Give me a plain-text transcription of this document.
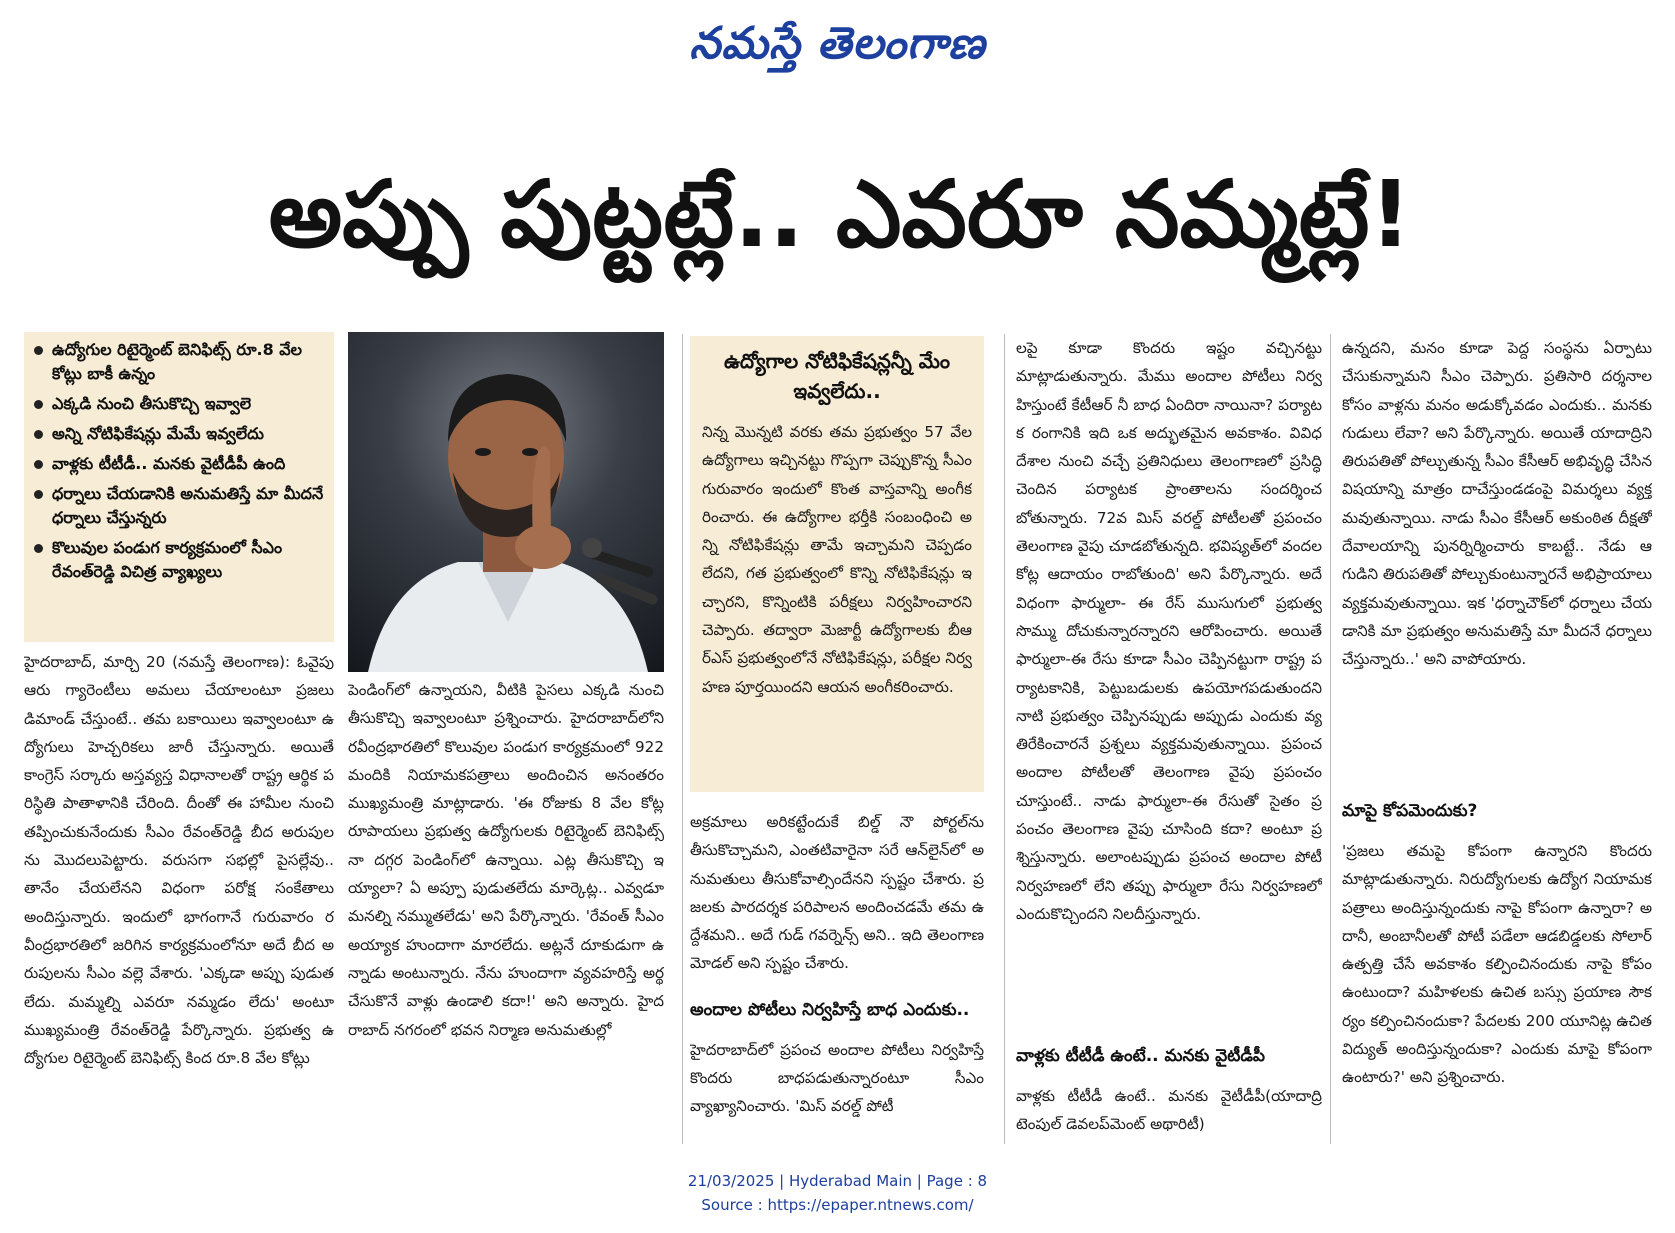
నమస్తే తెలంగాణ
అప్పు పుట్టట్లే.. ఎవరూ నమ్మట్లే!
ఉద్యోగుల రిటైర్మెంట్ బెనిఫిట్స్ రూ.8 వేల కోట్లు బాకీ ఉన్నం
ఎక్కడి నుంచి తీసుకొచ్చి ఇవ్వాలె
అన్ని నోటిఫికేషన్లు మేమే ఇవ్వలేదు
వాళ్లకు టీటీడీ.. మనకు వైటీడీపీ ఉంది
ధర్నాలు చేయడానికి అనుమతిస్తే మా మీదనే ధర్నాలు చేస్తున్నరు
కొలువుల పండుగ కార్యక్రమంలో సీఎం రేవంత్‌రెడ్డి విచిత్ర వ్యాఖ్యలు
హైదరాబాద్, మార్చి 20 (నమస్తే తెలంగాణ): ఓవైపు ఆరు గ్యారెంటీలు అమలు చేయాలంటూ ప్రజలు డిమాండ్ చేస్తుంటే.. తమ బకాయిలు ఇవ్వాలంటూ ఉద్యోగులు హెచ్చరికలు జారీ చేస్తున్నారు. అయితే కాంగ్రెస్ సర్కారు అస్తవ్యస్త విధానాలతో రాష్ట్ర ఆర్థిక పరిస్థితి పాతాళానికి చేరింది. దీంతో ఈ హామీల నుంచి తప్పించుకునేందుకు సీఎం రేవంత్‌రెడ్డి బీద అరుపులను మొదలుపెట్టారు. వరుసగా సభల్లో పైసల్లేవు.. తానేం చేయలేనని విధంగా పరోక్ష సంకేతాలు అందిస్తున్నారు. ఇందులో భాగంగానే గురువారం రవీంద్రభారతిలో జరిగిన కార్యక్రమంలోనూ అదే బీద అరుపులను సీఎం వల్లె వేశారు. 'ఎక్కడా అప్పు పుడుతలేదు. మమ్మల్ని ఎవరూ నమ్మడం లేదు' అంటూ ముఖ్యమంత్రి రేవంత్‌రెడ్డి పేర్కొన్నారు. ప్రభుత్వ ఉద్యోగుల రిటైర్మెంట్ బెనిఫిట్స్ కింద రూ.8 వేల కోట్లు
పెండింగ్‌లో ఉన్నాయని, వీటికి పైసలు ఎక్కడి నుంచి తీసుకొచ్చి ఇవ్వాలంటూ ప్రశ్నించారు. హైదరాబాద్‌లోని రవీంద్రభారతిలో కొలువుల పండుగ కార్యక్రమంలో 922 మందికి నియామకపత్రాలు అందించిన అనంతరం ముఖ్యమంత్రి మాట్లాడారు. 'ఈ రోజుకు 8 వేల కోట్ల రూపాయలు ప్రభుత్వ ఉద్యోగులకు రిటైర్మెంట్ బెనిఫిట్స్ నా దగ్గర పెండింగ్‌లో ఉన్నాయి. ఎట్ల తీసుకొచ్చి ఇయ్యాలా? ఏ అప్పూ పుడుతలేదు మార్కెట్ల.. ఎవ్వడూ మనల్ని నమ్ముతలేడు' అని పేర్కొన్నారు. 'రేవంత్ సీఎం అయ్యాక హుందాగా మారలేదు. అట్లనే దూకుడుగా ఉన్నాడు అంటున్నారు. నేను హుందాగా వ్యవహరిస్తే అర్థ చేసుకొనే వాళ్లు ఉండాలి కదా!' అని అన్నారు. హైదరాబాద్ నగరంలో భవన నిర్మాణ అనుమతుల్లో
ఉద్యోగాల నోటిఫికేషన్లన్నీ మేం ఇవ్వలేదు..
నిన్న మొన్నటి వరకు తమ ప్రభుత్వం 57 వేల ఉద్యోగాలు ఇచ్చినట్టు గొప్పగా చెప్పుకొన్న సీఎం గురువారం ఇందులో కొంత వాస్తవాన్ని అంగీకరించారు. ఈ ఉద్యోగాల భర్తీకి సంబంధించి అన్ని నోటిఫికేషన్లు తామే ఇచ్చామని చెప్పడం లేదని, గత ప్రభుత్వంలో కొన్ని నోటిఫికేషన్లు ఇచ్చారని, కొన్నింటికి పరీక్షలు నిర్వహించారని చెప్పారు. తద్వారా మెజార్టీ ఉద్యోగాలకు బీఆర్‌ఎస్ ప్రభుత్వంలోనే నోటిఫికేషన్లు, పరీక్షల నిర్వహణ పూర్తయిందని ఆయన అంగీకరించారు.
అక్రమాలు అరికట్టేందుకే బిల్డ్ నౌ పోర్టల్‌ను తీసుకొచ్చామని, ఎంతటివారైనా సరే ఆన్‌లైన్‌లో అనుమతులు తీసుకోవాల్సిందేనని స్పష్టం చేశారు. ప్రజలకు పారదర్శక పరిపాలన అందించడమే తమ ఉద్దేశమని.. అదే గుడ్ గవర్నెన్స్ అని.. ఇది తెలంగాణ మోడల్ అని స్పష్టం చేశారు.
అందాల పోటీలు నిర్వహిస్తే బాధ ఎందుకు..
హైదరాబాద్‌లో ప్రపంచ అందాల పోటీలు నిర్వహిస్తే కొందరు బాధపడుతున్నారంటూ సీఎం వ్యాఖ్యానించారు. 'మిస్ వరల్డ్ పోటీ
లపై కూడా కొందరు ఇష్టం వచ్చినట్టు మాట్లాడుతున్నారు. మేము అందాల పోటీలు నిర్వహిస్తుంటే కేటీఆర్ నీ బాధ ఏందిరా నాయినా? పర్యాటక రంగానికి ఇది ఒక అద్భుతమైన అవకాశం. వివిధ దేశాల నుంచి వచ్చే ప్రతినిధులు తెలంగాణలో ప్రసిద్ధి చెందిన పర్యాటక ప్రాంతాలను సందర్శించబోతున్నారు. 72వ మిస్ వరల్డ్ పోటీలతో ప్రపంచం తెలంగాణ వైపు చూడబోతున్నది. భవిష్యత్‌లో వందల కోట్ల ఆదాయం రాబోతుంది' అని పేర్కొన్నారు. అదే విధంగా ఫార్ములా- ఈ రేస్ ముసుగులో ప్రభుత్వ సొమ్ము దోచుకున్నారన్నారని ఆరోపించారు. అయితే ఫార్ములా-ఈ రేసు కూడా సీఎం చెప్పినట్టుగా రాష్ట్ర పర్యాటకానికి, పెట్టుబడులకు ఉపయోగపడుతుందని నాటి ప్రభుత్వం చెప్పినప్పుడు అప్పుడు ఎందుకు వ్యతిరేకించారనే ప్రశ్నలు వ్యక్తమవుతున్నాయి. ప్రపంచ అందాల పోటీలతో తెలంగాణ వైపు ప్రపంచం చూస్తుంటే.. నాడు ఫార్ములా-ఈ రేసుతో సైతం ప్రపంచం తెలంగాణ వైపు చూసింది కదా? అంటూ ప్రశ్నిస్తున్నారు. అలాంటప్పుడు ప్రపంచ అందాల పోటీ నిర్వహణలో లేని తప్పు ఫార్ములా రేసు నిర్వహణలో ఎందుకొచ్చిందని నిలదీస్తున్నారు.
వాళ్లకు టీటీడీ ఉంటే.. మనకు వైటీడీపీ
వాళ్లకు టీటీడీ ఉంటే.. మనకు వైటీడీపీ(యాదాద్రి టెంపుల్ డెవలప్‌మెంట్ అథారిటీ)
ఉన్నదని, మనం కూడా పెద్ద సంస్థను ఏర్పాటు చేసుకున్నామని సీఎం చెప్పారు. ప్రతిసారి దర్శనాల కోసం వాళ్లను మనం అడుక్కోవడం ఎందుకు.. మనకు గుడులు లేవా? అని పేర్కొన్నారు. అయితే యాదాద్రిని తిరుపతితో పోల్చుతున్న సీఎం కేసీఆర్ అభివృద్ధి చేసిన విషయాన్ని మాత్రం దాచేస్తుండడంపై విమర్శలు వ్యక్తమవుతున్నాయి. నాడు సీఎం కేసీఆర్ అకుంఠిత దీక్షతో దేవాలయాన్ని పునర్నిర్మించారు కాబట్టే.. నేడు ఆ గుడిని తిరుపతితో పోల్చుకుంటున్నారనే అభిప్రాయాలు వ్యక్తమవుతున్నాయి. ఇక 'ధర్నాచౌక్‌లో ధర్నాలు చేయడానికి మా ప్రభుత్వం అనుమతిస్తే మా మీదనే ధర్నాలు చేస్తున్నారు..' అని వాపోయారు.
మాపై కోపమెందుకు?
'ప్రజలు తమపై కోపంగా ఉన్నారని కొందరు మాట్లాడుతున్నారు. నిరుద్యోగులకు ఉద్యోగ నియామకపత్రాలు అందిస్తున్నందుకు నాపై కోపంగా ఉన్నారా? అదానీ, అంబానీలతో పోటీ పడేలా ఆడబిడ్డలకు సోలార్ ఉత్పత్తి చేసే అవకాశం కల్పించినందుకు నాపై కోపం ఉంటుందా? మహిళలకు ఉచిత బస్సు ప్రయాణ సౌకర్యం కల్పించినందుకా? పేదలకు 200 యూనిట్ల ఉచిత విద్యుత్ అందిస్తున్నందుకా? ఎందుకు మాపై కోపంగా ఉంటారు?' అని ప్రశ్నించారు.
21/03/2025 | Hyderabad Main | Page : 8
Source : https://epaper.ntnews.com/
